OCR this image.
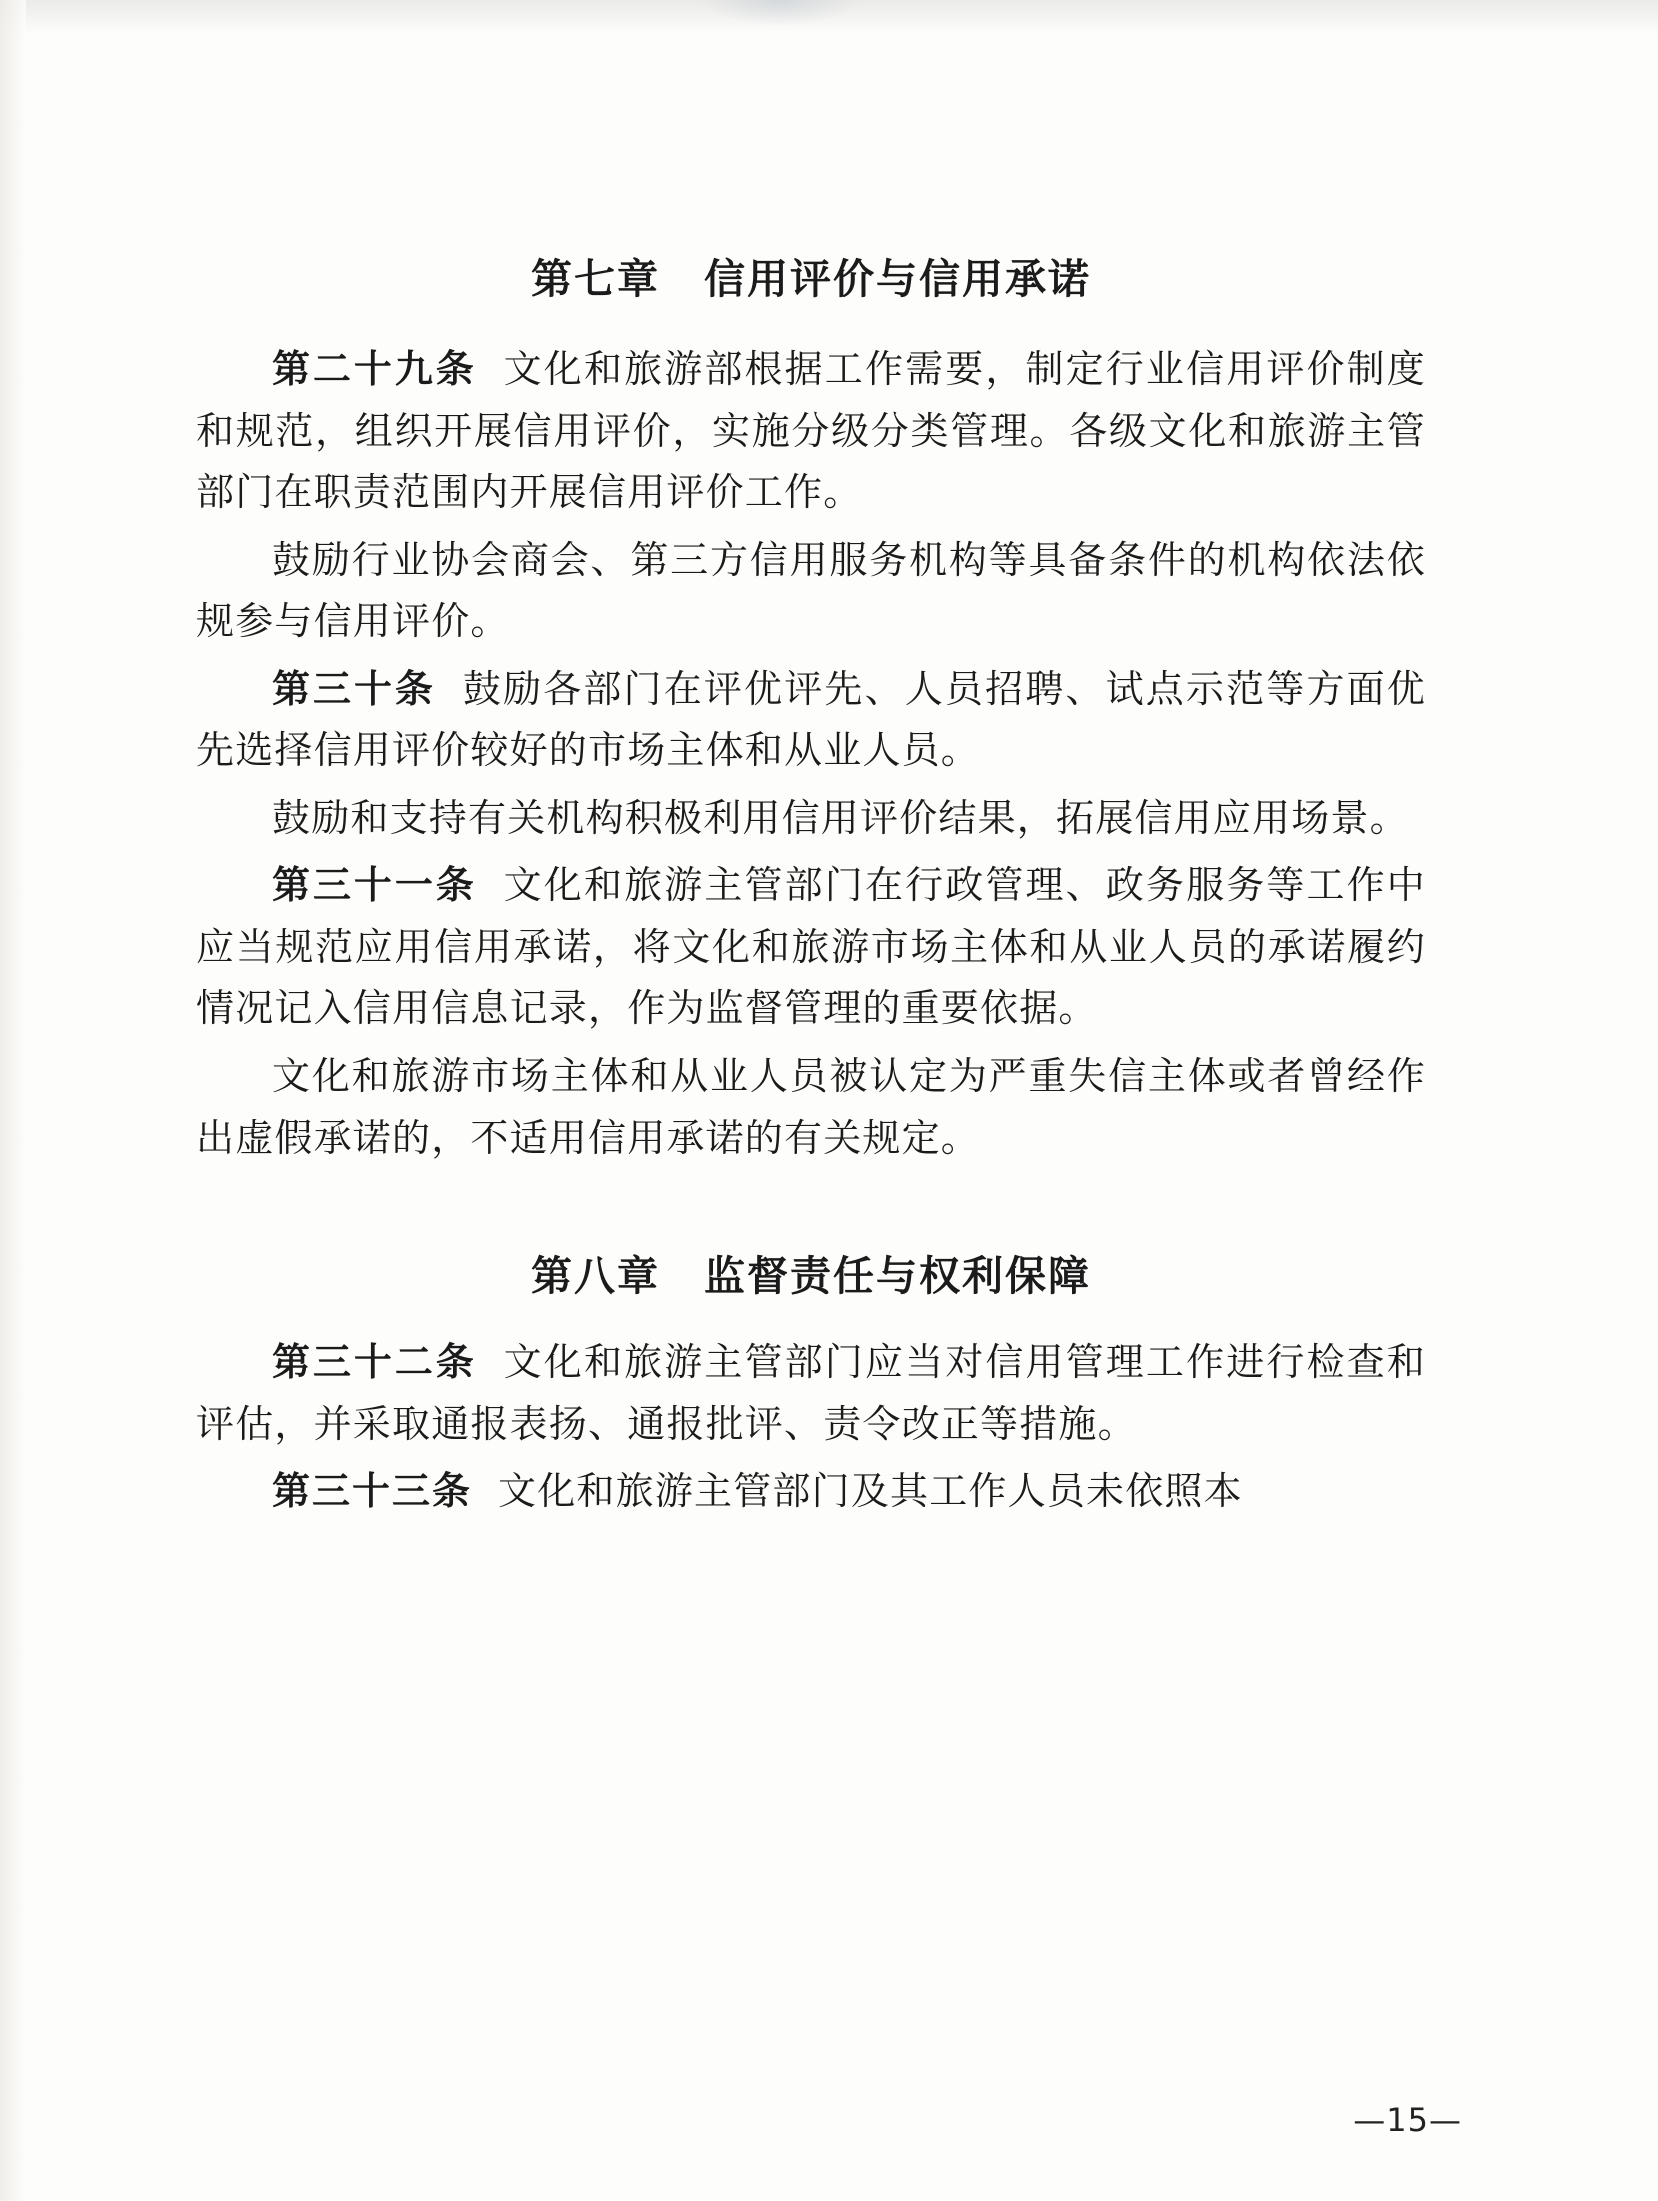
第七章 信用评价与信用承诺

第二十九条 文化和旅游部根据工作需要，制定行业信用评价制度和规范，组织开展信用评价，实施分级分类管理。各级文化和旅游主管部门在职责范围内开展信用评价工作。

鼓励行业协会商会、第三方信用服务机构等具备条件的机构依法依规参与信用评价。

第三十条 鼓励各部门在评优评先、人员招聘、试点示范等方面优先选择信用评价较好的市场主体和从业人员。

鼓励和支持有关机构积极利用信用评价结果，拓展信用应用场景。

第三十一条 文化和旅游主管部门在行政管理、政务服务等工作中应当规范应用信用承诺，将文化和旅游市场主体和从业人员的承诺履约情况记入信用信息记录，作为监督管理的重要依据。

文化和旅游市场主体和从业人员被认定为严重失信主体或者曾经作出虚假承诺的，不适用信用承诺的有关规定。

第八章 监督责任与权利保障

第三十二条 文化和旅游主管部门应当对信用管理工作进行检查和评估，并采取通报表扬、通报批评、责令改正等措施。

第三十三条 文化和旅游主管部门及其工作人员未依照本

—15—
